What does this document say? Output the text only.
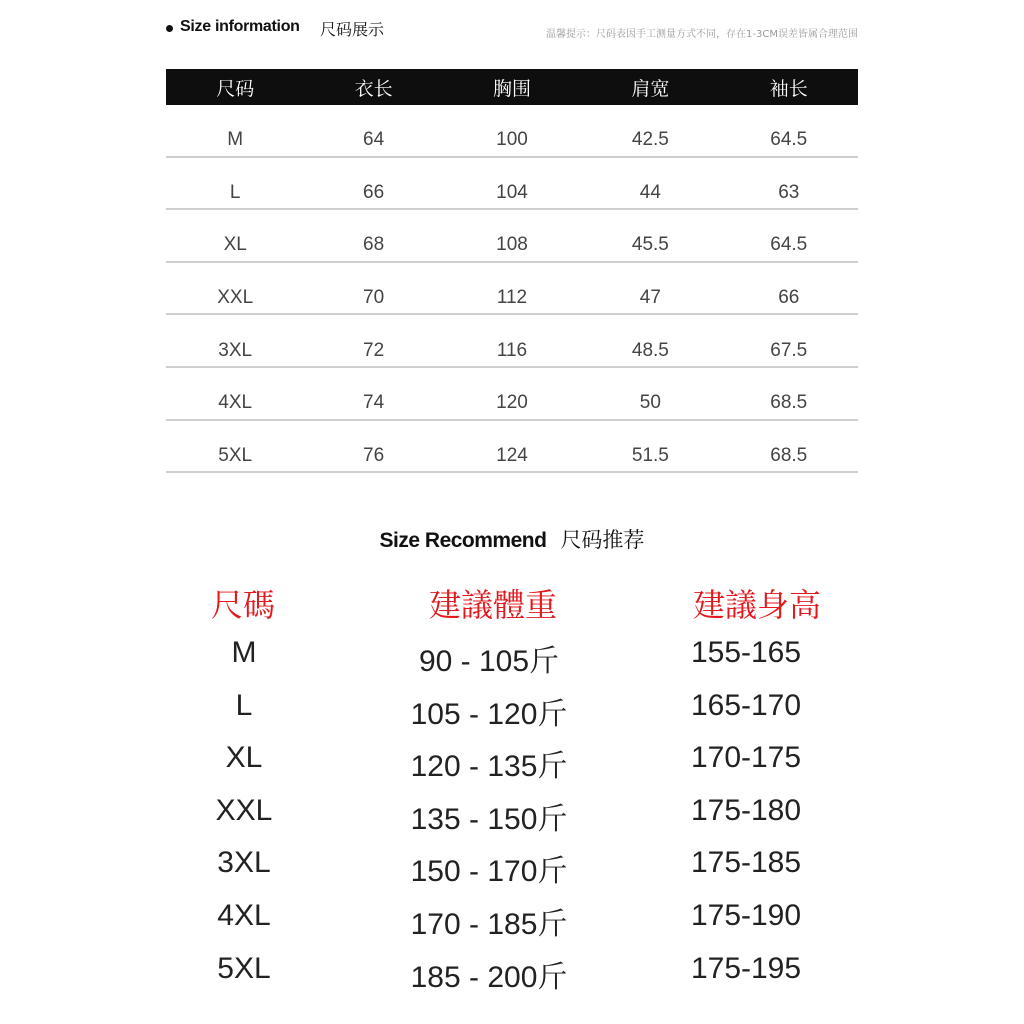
Size information 尺码展示	温馨提示：尺码表因手工测量方式不同，存在1-3CM误差皆属合理范围
尺码	衣长	胸围	肩宽	袖长
M	64	100	42.5	64.5
L	66	104	44	63
XL	68	108	45.5	64.5
XXL	70	112	47	66
3XL	72	116	48.5	67.5
4XL	74	120	50	68.5
5XL	76	124	51.5	68.5
Size Recommend 尺码推荐
尺碼	建議體重	建議身高
M	90 - 105斤	155-165
L	105 - 120斤	165-170
XL	120 - 135斤	170-175
XXL	135 - 150斤	175-180
3XL	150 - 170斤	175-185
4XL	170 - 185斤	175-190
5XL	185 - 200斤	175-195
